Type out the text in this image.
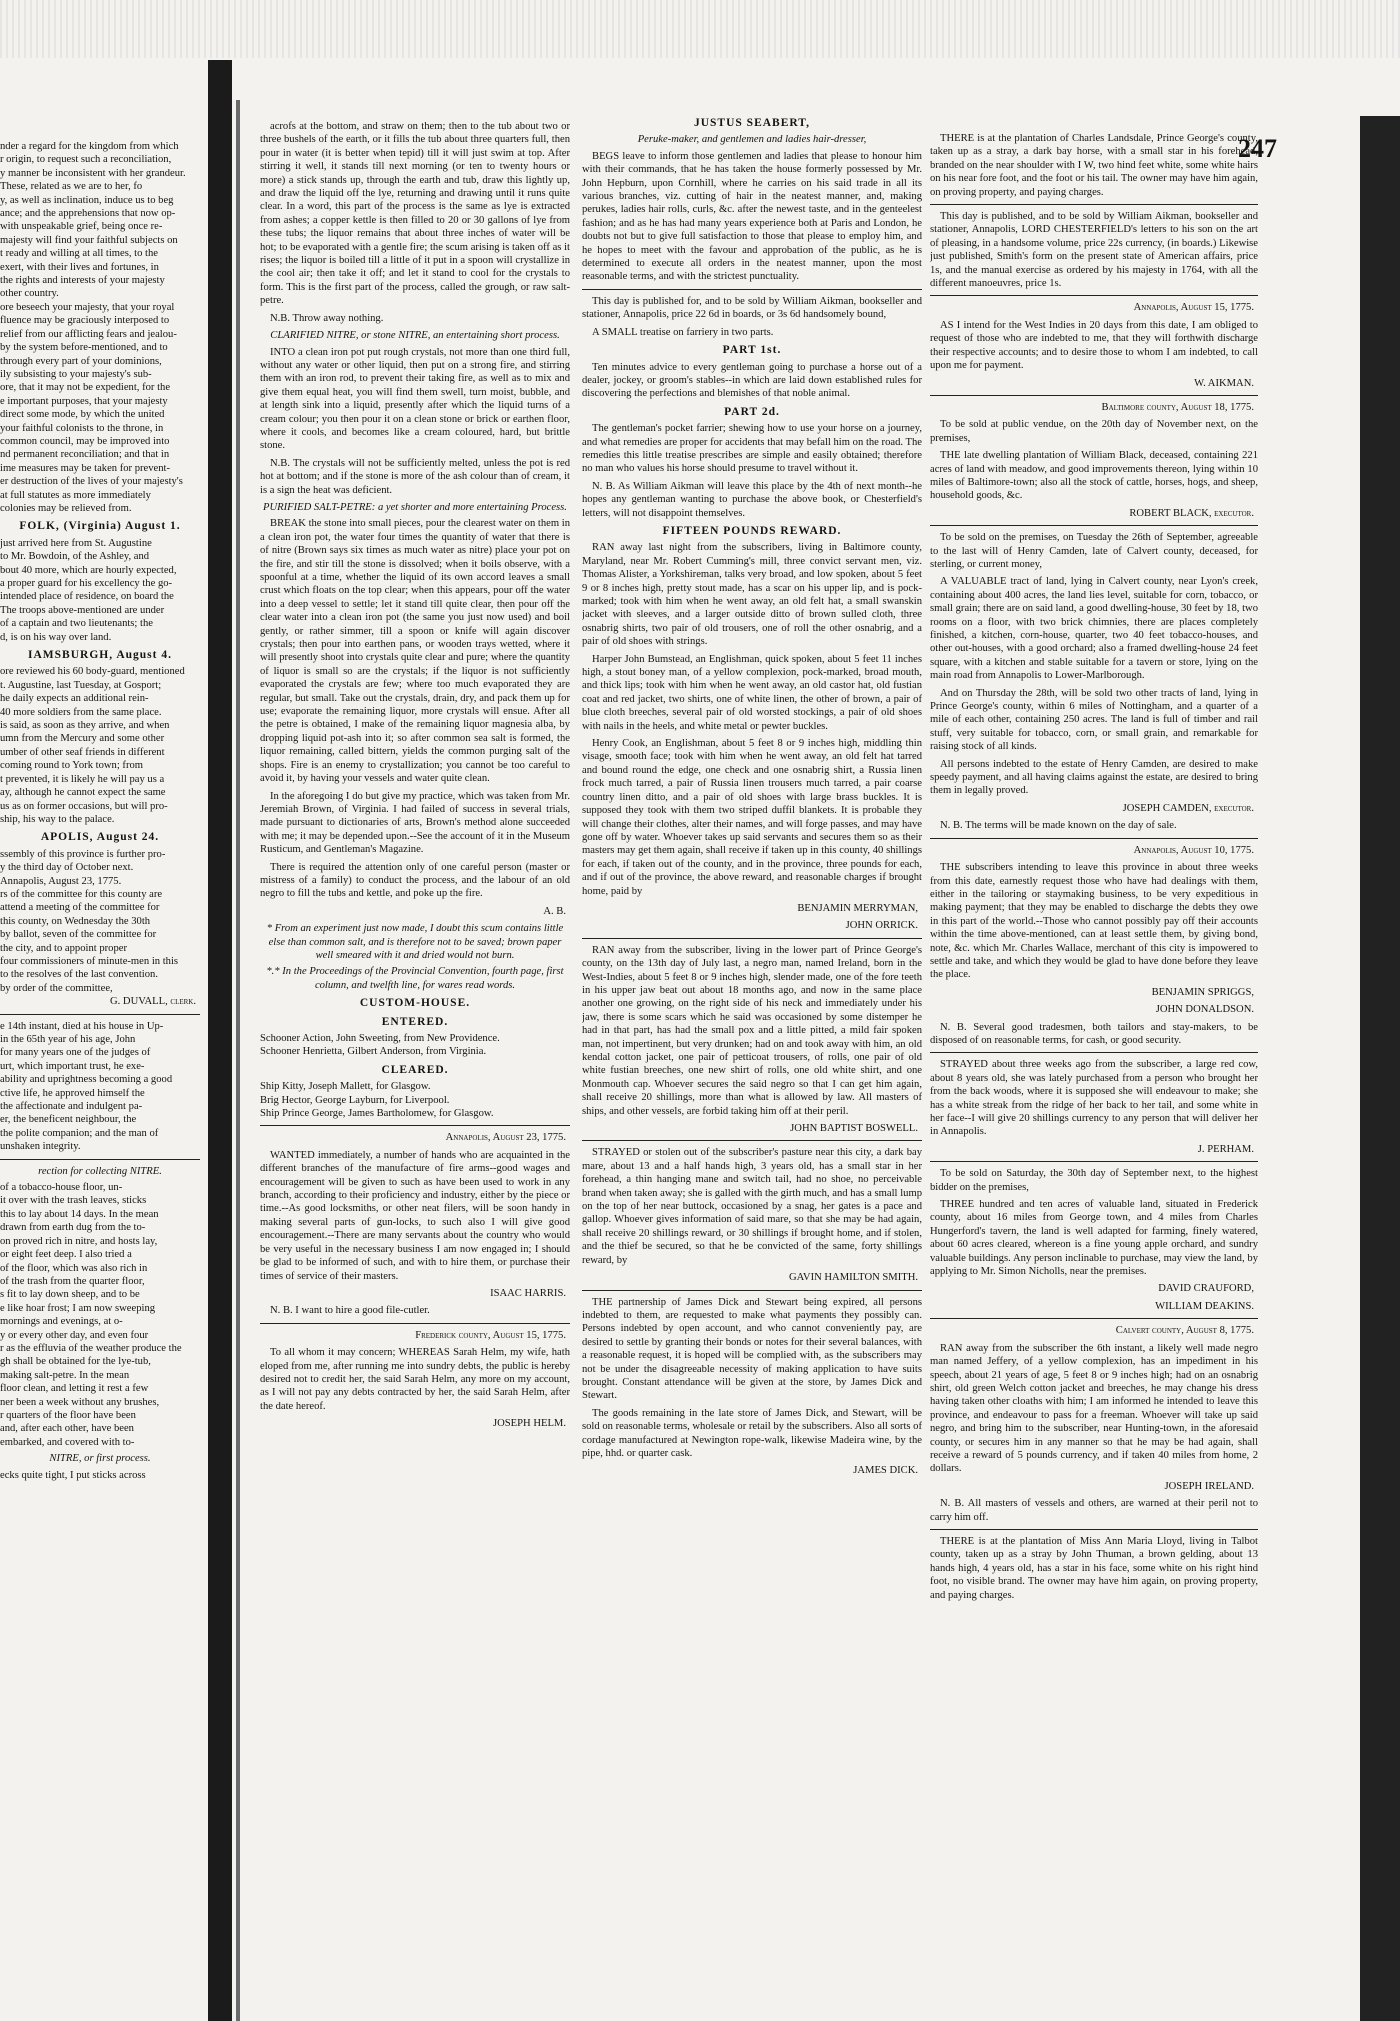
247
nder a regard for the kingdom from which
r origin, to request such a reconciliation,
y manner be inconsistent with her grandeur.
These, related as we are to her, fo
y, as well as inclination, induce us to beg
ance; and the apprehensions that now op-
with unspeakable grief, being once re-
majesty will find your faithful subjects on
t ready and willing at all times, to the
exert, with their lives and fortunes, in
the rights and interests of your majesty
other country.
ore beseech your majesty, that your royal
fluence may be graciously interposed to
relief from our afflicting fears and jealou-
by the system before-mentioned, and to
through every part of your dominions,
ily subsisting to your majesty's sub-
ore, that it may not be expedient, for the
e important purposes, that your majesty
direct some mode, by which the united
your faithful colonists to the throne, in
common council, may be improved into
nd permanent reconciliation; and that in
ime measures may be taken for prevent-
er destruction of the lives of your majesty's
at full statutes as more immediately
colonies may be relieved from.
FOLK, (Virginia) August 1.
just arrived here from St. Augustine
to Mr. Bowdoin, of the Ashley, and
bout 40 more, which are hourly expected,
a proper guard for his excellency the go-
intended place of residence, on board the
The troops above-mentioned are under
of a captain and two lieutenants; the
d, is on his way over land.
IAMSBURGH, August 4.
ore reviewed his 60 body-guard, mentioned
t. Augustine, last Tuesday, at Gosport;
he daily expects an additional rein-
40 more soldiers from the same place.
is said, as soon as they arrive, and when
umn from the Mercury and some other
umber of other seaf friends in different
coming round to York town; from
t prevented, it is likely he will pay us a
ay, although he cannot expect the same
us as on former occasions, but will pro-
ship, his way to the palace.
APOLIS, August 24.
ssembly of this province is further pro-
y the third day of October next.
Annapolis, August 23, 1775.
rs of the committee for this county are
attend a meeting of the committee for
this county, on Wednesday the 30th
by ballot, seven of the committee for
the city, and to appoint proper
four commissioners of minute-men in this
to the resolves of the last convention.
by order of the committee,
G. DUVALL, clerk.
e 14th instant, died at his house in Up-
in the 65th year of his age, John
for many years one of the judges of
urt, which important trust, he exe-
ability and uprightness becoming a good
ctive life, he approved himself the
the affectionate and indulgent pa-
er, the beneficent neighbour, the
the polite companion; and the man of
unshaken integrity.
rection for collecting NITRE.
of a tobacco-house floor, un-
it over with the trash leaves, sticks
this to lay about 14 days. In the mean
drawn from earth dug from the to-
on proved rich in nitre, and hosts lay,
or eight feet deep. I also tried a
of the floor, which was also rich in
of the trash from the quarter floor,
s fit to lay down sheep, and to be
e like hoar frost; I am now sweeping
mornings and evenings, at o-
y or every other day, and even four
r as the effluvia of the weather produce the
gh shall be obtained for the lye-tub,
making salt-petre. In the mean
floor clean, and letting it rest a few
ner been a week without any brushes,
r quarters of the floor have been
and, after each other, have been
embarked, and covered with to-
NITRE, or first process.
ecks quite tight, I put sticks across

acrofs at the bottom, and straw on them; then to the tub about two or three bushels of the earth, or it fills the tub about three quarters full, then pour in water (it is better when tepid) till it will just swim at top. After stirring it well, it stands till next morning (or ten to twenty hours or more) a stick stands up, through the earth and tub, draw this lightly up, and draw the liquid off the lye, returning and drawing until it runs quite clear. In a word, this part of the process is the same as lye is extracted from ashes; a copper kettle is then filled to 20 or 30 gallons of lye from these tubs; the liquor remains that about three inches of water will be hot; to be evaporated with a gentle fire; the scum arising is taken off as it rises; the liquor is boiled till a little of it put in a spoon will crystallize in the cool air; then take it off; and let it stand to cool for the crystals to form. This is the first part of the process, called the grough, or raw salt-petre.

N.B. Throw away nothing.

CLARIFIED NITRE, or stone NITRE, an entertaining short process.

INTO a clean iron pot put rough crystals, not more than one third full, without any water or other liquid, then put on a strong fire, and stirring them with an iron rod, to prevent their taking fire, as well as to mix and give them equal heat, you will find them swell, turn moist, bubble, and at length sink into a liquid, presently after which the liquid turns of a cream colour; you then pour it on a clean stone or brick or earthen floor, where it cools, and becomes like a cream coloured, hard, but brittle stone.

N.B. The crystals will not be sufficiently melted, unless the pot is red hot at bottom; and if the stone is more of the ash colour than of cream, it is a sign the heat was deficient.

PURIFIED SALT-PETRE: a yet shorter and more entertaining Process.

BREAK the stone into small pieces, pour the clearest water on them in a clean iron pot, the water four times the quantity of water that there is of nitre (Brown says six times as much water as nitre) place your pot on the fire, and stir till the stone is dissolved; when it boils observe, with a spoonful at a time, whether the liquid of its own accord leaves a small crust which floats on the top clear; when this appears, pour off the water into a deep vessel to settle; let it stand till quite clear, then pour off the clear water into a clean iron pot (the same you just now used) and boil gently, or rather simmer, till a spoon or knife will again discover crystals; then pour into earthen pans, or wooden trays wetted, where it will presently shoot into crystals quite clear and pure; where the quantity of liquor is small so are the crystals; if the liquor is not sufficiently evaporated the crystals are few; where too much evaporated they are regular, but small. Take out the crystals, drain, dry, and pack them up for use; evaporate the remaining liquor, more crystals will ensue. After all the petre is obtained, I make of the remaining liquor magnesia alba, by dropping liquid pot-ash into it; so after common sea salt is formed, the liquor remaining, called bittern, yields the common purging salt of the shops. Fire is an enemy to crystallization; you cannot be too careful to avoid it, by having your vessels and water quite clean.

In the aforegoing I do but give my practice, which was taken from Mr. Jeremiah Brown, of Virginia. I had failed of success in several trials, made pursuant to dictionaries of arts, Brown's method alone succeeded with me; it may be depended upon.--See the account of it in the Museum Rusticum, and Gentleman's Magazine.

There is required the attention only of one careful person (master or mistress of a family) to conduct the process, and the labour of an old negro to fill the tubs and kettle, and poke up the fire.

A. B.

* From an experiment just now made, I doubt this scum contains little else than common salt, and is therefore not to be saved; brown paper well smeared with it and dried would not burn.

*.* In the Proceedings of the Provincial Convention, fourth page, first column, and twelfth line, for wares read words.

CUSTOM-HOUSE.
ENTERED.
Schooner Action, John Sweeting, from New Providence.
Schooner Henrietta, Gilbert Anderson, from Virginia.
CLEARED.
Ship Kitty, Joseph Mallett, for Glasgow.
Brig Hector, George Layburn, for Liverpool.
Ship Prince George, James Bartholomew, for Glasgow.
Annapolis, August 23, 1775.

WANTED immediately, a number of hands who are acquainted in the different branches of the manufacture of fire arms--good wages and encouragement will be given to such as have been used to work in any branch, according to their proficiency and industry, either by the piece or time.--As good locksmiths, or other neat filers, will be soon handy in making several parts of gun-locks, to such also I will give good encouragement.--There are many servants about the country who would be very useful in the necessary business I am now engaged in; I should be glad to be informed of such, and with to hire them, or purchase their times of service of their masters.

ISAAC HARRIS.

N. B. I want to hire a good file-cutler.

Frederick county, August 15, 1775.

To all whom it may concern; WHEREAS Sarah Helm, my wife, hath eloped from me, after running me into sundry debts, the public is hereby desired not to credit her, the said Sarah Helm, any more on my account, as I will not pay any debts contracted by her, the said Sarah Helm, after the date hereof.

JOSEPH HELM.
JUSTUS SEABERT,
Peruke-maker, and gentlemen and ladies hair-dresser,

BEGS leave to inform those gentlemen and ladies that please to honour him with their commands, that he has taken the house formerly possessed by Mr. John Hepburn, upon Cornhill, where he carries on his said trade in all its various branches, viz. cutting of hair in the neatest manner, and, making perukes, ladies hair rolls, curls, &c. after the newest taste, and in the genteelest fashion; and as he has had many years experience both at Paris and London, he doubts not but to give full satisfaction to those that please to employ him, and he hopes to meet with the favour and approbation of the public, as he is determined to execute all orders in the neatest manner, upon the most reasonable terms, and with the strictest punctuality.

This day is published for, and to be sold by William Aikman, bookseller and stationer, Annapolis, price 22 6d in boards, or 3s 6d handsomely bound,

A SMALL treatise on farriery in two parts.

PART 1st.

Ten minutes advice to every gentleman going to purchase a horse out of a dealer, jockey, or groom's stables--in which are laid down established rules for discovering the perfections and blemishes of that noble animal.

PART 2d.

The gentleman's pocket farrier; shewing how to use your horse on a journey, and what remedies are proper for accidents that may befall him on the road. The remedies this little treatise prescribes are simple and easily obtained; therefore no man who values his horse should presume to travel without it.

N. B. As William Aikman will leave this place by the 4th of next month--he hopes any gentleman wanting to purchase the above book, or Chesterfield's letters, will not disappoint themselves.

FIFTEEN POUNDS REWARD.

RAN away last night from the subscribers, living in Baltimore county, Maryland, near Mr. Robert Cumming's mill, three convict servant men, viz. Thomas Alister, a Yorkshireman, talks very broad, and low spoken, about 5 feet 9 or 8 inches high, pretty stout made, has a scar on his upper lip, and is pock-marked; took with him when he went away, an old felt hat, a small swanskin jacket with sleeves, and a larger outside ditto of brown sulled cloth, three osnabrig shirts, two pair of old trousers, one of roll the other osnabrig, and a pair of old shoes with strings.

Harper John Bumstead, an Englishman, quick spoken, about 5 feet 11 inches high, a stout boney man, of a yellow complexion, pock-marked, broad mouth, and thick lips; took with him when he went away, an old castor hat, old fustian coat and red jacket, two shirts, one of white linen, the other of brown, a pair of blue cloth breeches, several pair of old worsted stockings, a pair of old shoes with nails in the heels, and white metal or pewter buckles.

Henry Cook, an Englishman, about 5 feet 8 or 9 inches high, middling thin visage, smooth face; took with him when he went away, an old felt hat tarred and bound round the edge, one check and one osnabrig shirt, a Russia linen frock much tarred, a pair of Russia linen trousers much tarred, a pair coarse country linen ditto, and a pair of old shoes with large brass buckles. It is supposed they took with them two striped duffil blankets. It is probable they will change their clothes, alter their names, and will forge passes, and may have gone off by water. Whoever takes up said servants and secures them so as their masters may get them again, shall receive if taken up in this county, 40 shillings for each, if taken out of the county, and in the province, three pounds for each, and if out of the province, the above reward, and reasonable charges if brought home, paid by

BENJAMIN MERRYMAN,
JOHN ORRICK.

RAN away from the subscriber, living in the lower part of Prince George's county, on the 13th day of July last, a negro man, named Ireland, born in the West-Indies, about 5 feet 8 or 9 inches high, slender made, one of the fore teeth in his upper jaw beat out about 18 months ago, and now in the same place another one growing, on the right side of his neck and immediately under his jaw, there is some scars which he said was occasioned by some distemper he had in that part, has had the small pox and a little pitted, a mild fair spoken man, not impertinent, but very drunken; had on and took away with him, an old kendal cotton jacket, one pair of petticoat trousers, of rolls, one pair of old white fustian breeches, one new shirt of rolls, one old white shirt, and one Monmouth cap. Whoever secures the said negro so that I can get him again, shall receive 20 shillings, more than what is allowed by law. All masters of ships, and other vessels, are forbid taking him off at their peril.

JOHN BAPTIST BOSWELL.

STRAYED or stolen out of the subscriber's pasture near this city, a dark bay mare, about 13 and a half hands high, 3 years old, has a small star in her forehead, a thin hanging mane and switch tail, had no shoe, no perceivable brand when taken away; she is galled with the girth much, and has a small lump on the top of her near buttock, occasioned by a snag, her gates is a pace and gallop. Whoever gives information of said mare, so that she may be had again, shall receive 20 shillings reward, or 30 shillings if brought home, and if stolen, and the thief be secured, so that he be convicted of the same, forty shillings reward, by

GAVIN HAMILTON SMITH.

THE partnership of James Dick and Stewart being expired, all persons indebted to them, are requested to make what payments they possibly can. Persons indebted by open account, and who cannot conveniently pay, are desired to settle by granting their bonds or notes for their several balances, with a reasonable request, it is hoped will be complied with, as the subscribers may not be under the disagreeable necessity of making application to have suits brought. Constant attendance will be given at the store, by James Dick and Stewart.

The goods remaining in the late store of James Dick, and Stewart, will be sold on reasonable terms, wholesale or retail by the subscribers. Also all sorts of cordage manufactured at Newington rope-walk, likewise Madeira wine, by the pipe, hhd. or quarter cask.

JAMES DICK.

THERE is at the plantation of Charles Landsdale, Prince George's county, taken up as a stray, a dark bay horse, with a small star in his forehead, branded on the near shoulder with I W, two hind feet white, some white hairs on his near fore foot, and the foot or his tail. The owner may have him again, on proving property, and paying charges.

This day is published, and to be sold by William Aikman, bookseller and stationer, Annapolis, LORD CHESTERFIELD's letters to his son on the art of pleasing, in a handsome volume, price 22s currency, (in boards.) Likewise just published, Smith's form on the present state of American affairs, price 1s, and the manual exercise as ordered by his majesty in 1764, with all the different manoeuvres, price 1s.

Annapolis, August 15, 1775.

AS I intend for the West Indies in 20 days from this date, I am obliged to request of those who are indebted to me, that they will forthwith discharge their respective accounts; and to desire those to whom I am indebted, to call upon me for payment.

W. AIKMAN.
Baltimore county, August 18, 1775.

To be sold at public vendue, on the 20th day of November next, on the premises,

THE late dwelling plantation of William Black, deceased, containing 221 acres of land with meadow, and good improvements thereon, lying within 10 miles of Baltimore-town; also all the stock of cattle, horses, hogs, and sheep, household goods, &c.

ROBERT BLACK, executor.

To be sold on the premises, on Tuesday the 26th of September, agreeable to the last will of Henry Camden, late of Calvert county, deceased, for sterling, or current money,

A VALUABLE tract of land, lying in Calvert county, near Lyon's creek, containing about 400 acres, the land lies level, suitable for corn, tobacco, or small grain; there are on said land, a good dwelling-house, 30 feet by 18, two rooms on a floor, with two brick chimnies, there are places completely finished, a kitchen, corn-house, quarter, two 40 feet tobacco-houses, and other out-houses, with a good orchard; also a framed dwelling-house 24 feet square, with a kitchen and stable suitable for a tavern or store, lying on the main road from Annapolis to Lower-Marlborough.

And on Thursday the 28th, will be sold two other tracts of land, lying in Prince George's county, within 6 miles of Nottingham, and a quarter of a mile of each other, containing 250 acres. The land is full of timber and rail stuff, very suitable for tobacco, corn, or small grain, and remarkable for raising stock of all kinds.

All persons indebted to the estate of Henry Camden, are desired to make speedy payment, and all having claims against the estate, are desired to bring them in legally proved.

JOSEPH CAMDEN, executor.

N. B. The terms will be made known on the day of sale.

Annapolis, August 10, 1775.

THE subscribers intending to leave this province in about three weeks from this date, earnestly request those who have had dealings with them, either in the tailoring or staymaking business, to be very expeditious in making payment; that they may be enabled to discharge the debts they owe in this part of the world.--Those who cannot possibly pay off their accounts within the time above-mentioned, can at least settle them, by giving bond, note, &c. which Mr. Charles Wallace, merchant of this city is impowered to settle and take, and which they would be glad to have done before they leave the place.

BENJAMIN SPRIGGS,
JOHN DONALDSON.

N. B. Several good tradesmen, both tailors and stay-makers, to be disposed of on reasonable terms, for cash, or good security.

STRAYED about three weeks ago from the subscriber, a large red cow, about 8 years old, she was lately purchased from a person who brought her from the back woods, where it is supposed she will endeavour to make; she has a white streak from the ridge of her back to her tail, and some white in her face--I will give 20 shillings currency to any person that will deliver her in Annapolis.

J. PERHAM.

To be sold on Saturday, the 30th day of September next, to the highest bidder on the premises,

THREE hundred and ten acres of valuable land, situated in Frederick county, about 16 miles from George town, and 4 miles from Charles Hungerford's tavern, the land is well adapted for farming, finely watered, about 60 acres cleared, whereon is a fine young apple orchard, and sundry valuable buildings. Any person inclinable to purchase, may view the land, by applying to Mr. Simon Nicholls, near the premises.

DAVID CRAUFORD,
WILLIAM DEAKINS.
Calvert county, August 8, 1775.

RAN away from the subscriber the 6th instant, a likely well made negro man named Jeffery, of a yellow complexion, has an impediment in his speech, about 21 years of age, 5 feet 8 or 9 inches high; had on an osnabrig shirt, old green Welch cotton jacket and breeches, he may change his dress having taken other cloaths with him; I am informed he intended to leave this province, and endeavour to pass for a freeman. Whoever will take up said negro, and bring him to the subscriber, near Hunting-town, in the aforesaid county, or secures him in any manner so that he may be had again, shall receive a reward of 5 pounds currency, and if taken 40 miles from home, 2 dollars.

JOSEPH IRELAND.

N. B. All masters of vessels and others, are warned at their peril not to carry him off.

THERE is at the plantation of Miss Ann Maria Lloyd, living in Talbot county, taken up as a stray by John Thuman, a brown gelding, about 13 hands high, 4 years old, has a star in his face, some white on his right hind foot, no visible brand. The owner may have him again, on proving property, and paying charges.
